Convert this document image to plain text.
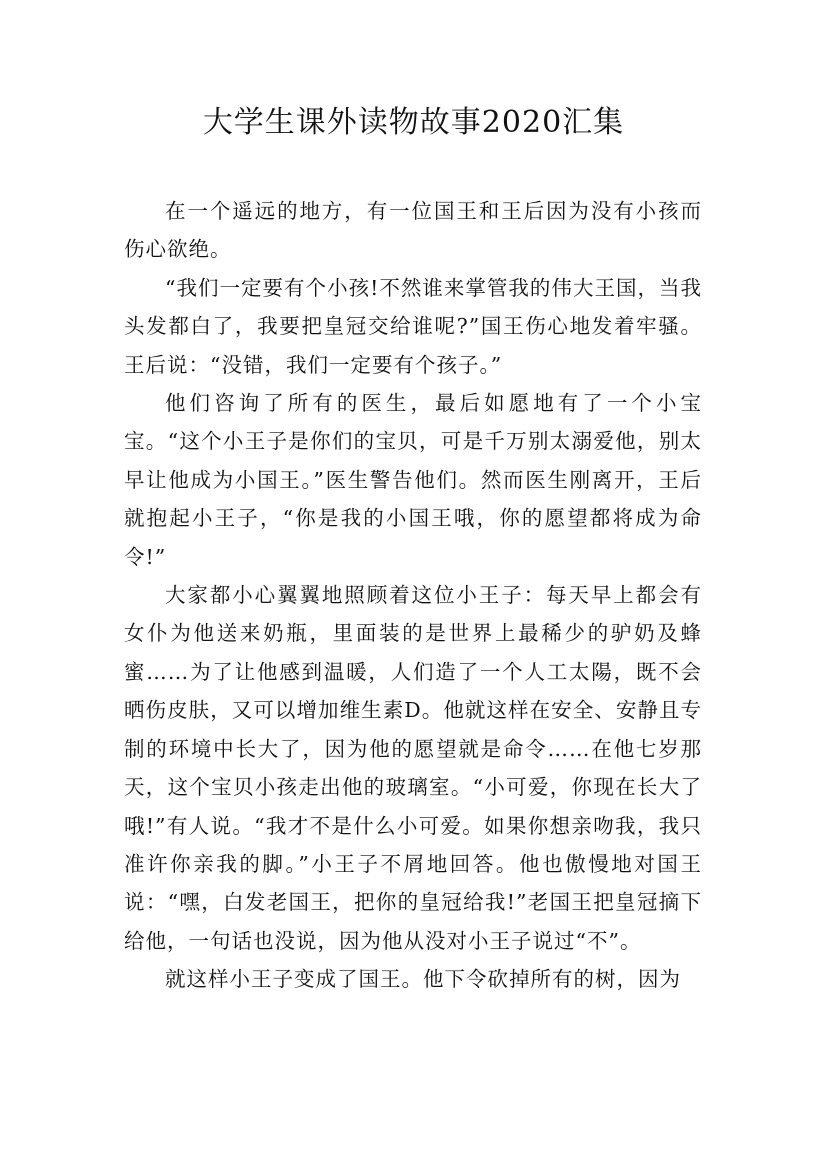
大学生课外读物故事2020汇集

在一个遥远的地方，有一位国王和王后因为没有小孩而伤心欲绝。

“我们一定要有个小孩!不然谁来掌管我的伟大王国，当我头发都白了，我要把皇冠交给谁呢?”国王伤心地发着牢骚。王后说：“没错，我们一定要有个孩子。”

他们咨询了所有的医生，最后如愿地有了一个小宝宝。“这个小王子是你们的宝贝，可是千万别太溺爱他，别太早让他成为小国王。”医生警告他们。然而医生刚离开，王后就抱起小王子，“你是我的小国王哦，你的愿望都将成为命令!”

大家都小心翼翼地照顾着这位小王子：每天早上都会有女仆为他送来奶瓶，里面装的是世界上最稀少的驴奶及蜂蜜……为了让他感到温暖，人们造了一个人工太陽，既不会晒伤皮肤，又可以增加维生素D。他就这样在安全、安静且专制的环境中长大了，因为他的愿望就是命令……在他七岁那天，这个宝贝小孩走出他的玻璃室。“小可爱，你现在长大了哦!”有人说。“我才不是什么小可爱。如果你想亲吻我，我只准许你亲我的脚。”小王子不屑地回答。他也傲慢地对国王说：“嘿，白发老国王，把你的皇冠给我!”老国王把皇冠摘下给他，一句话也没说，因为他从没对小王子说过“不”。

就这样小王子变成了国王。他下令砍掉所有的树，因为
